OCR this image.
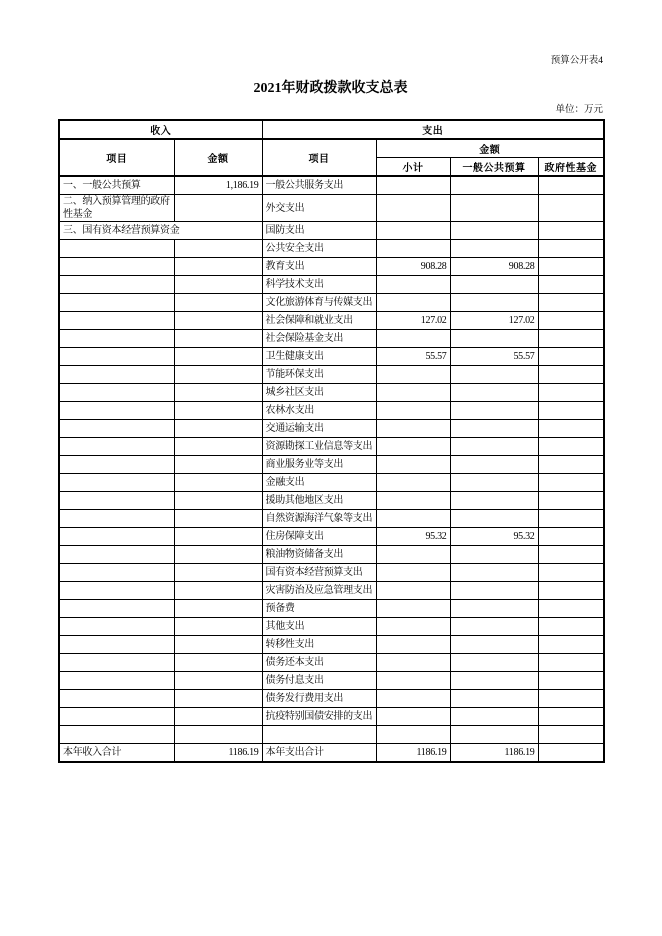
预算公开表4
2021年财政拨款收支总表
单位：万元
收入		支出			
项目	金额	项目	金额		
			小计	一般公共预算	政府性基金
一、一般公共预算	1,186.19	一般公共服务支出			
二、纳入预算管理的政府性基金		外交支出			
三、国有资本经营预算资金		国防支出			
		公共安全支出			
		教育支出	908.28	908.28	
		科学技术支出			
		文化旅游体育与传媒支出			
		社会保障和就业支出	127.02	127.02	
		社会保险基金支出			
		卫生健康支出	55.57	55.57	
		节能环保支出			
		城乡社区支出			
		农林水支出			
		交通运输支出			
		资源勘探工业信息等支出			
		商业服务业等支出			
		金融支出			
		援助其他地区支出			
		自然资源海洋气象等支出			
		住房保障支出	95.32	95.32	
		粮油物资储备支出			
		国有资本经营预算支出			
		灾害防治及应急管理支出			
		预备费			
		其他支出			
		转移性支出			
		债务还本支出			
		债务付息支出			
		债务发行费用支出			
		抗疫特别国债安排的支出			

本年收入合计	1186.19	本年支出合计	1186.19	1186.19	
